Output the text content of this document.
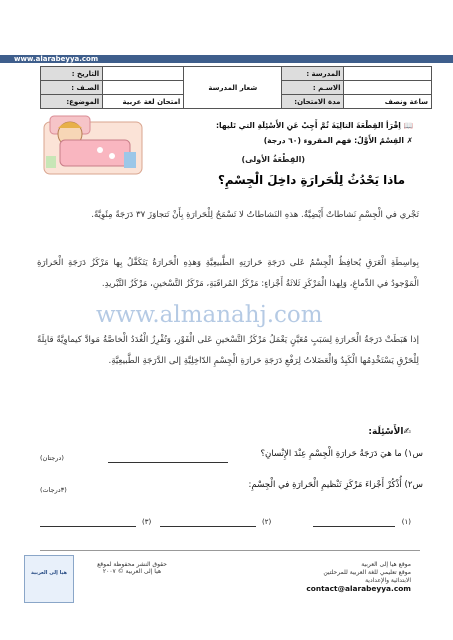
www.alarabeyya.com
التاريخ :		شعار المدرسة	المدرسة :	
الصـف :			الاسـم :	
الموضوع:	امتحان لغة عربية		مدة الامتحان:	ساعة ونصف
📖 اِقْرَأ القِطْعَةَ التالِيَةَ ثُمَّ أَجِبْ عَنِ الأَسْئِلَةِ التي تَليها:
✗ القِسْمُ الأَوَّلُ: فهم المقروء (٦٠ درجة)
(القِطْعَةُ الأولى)
ماذا يَحْدُثُ لِلْحَرارَةِ داخِلَ الْجِسْمِ؟
تَجْري في الْجِسْمِ نَشاطاتٌ أَيْضِيَّةٌ. هذهِ النَشاطاتُ لا تَسْمَحُ لِلْحَرارَةِ بِأَنْ تَتجاوَزَ ٣٧ دَرَجَةً مِئَوِيَّةً.
بِواسِطَةِ الْعَرَقِ يُحافِظُ الْجِسْمُ عَلى دَرَجَةِ حَرارَتِهِ الطَّبيعِيَّةِ وَهذِهِ الْحَرارَةُ يَتَكَفَّلُ بِها مَرْكَزُ دَرَجَةِ الْحَرارَةِ الْمَوْجودُ في الدِّماغِ، وَلِهذا الْمَرْكَزِ ثَلاثَةُ أَجْزاءٍ: مَرْكَزُ المُراقَبَةِ، مَرْكَزُ التَّسْخينِ، مَرْكَزُ التَّبْريدِ.
إذا هَبَطَتْ دَرَجَةُ الْحَرارَةِ لِسَبَبٍ مُعَيَّنٍ يَعْمَلُ مَرْكَزُ التَّسْخينِ عَلى الْفَوْرِ، وَتُفْرِزُ الْغُدَدُ الْخاصَّةُ مَوادَّ كيماوِيَّةً قابِلَةً لِلْحَرْقِ يَسْتَخْدِمُها الْكَبِدُ وَالْعَضَلاتُ لِرَفْعِ دَرَجَةِ حَرارَةِ الْجِسْمِ الدّاخِلِيَّةِ إلى الدَّرَجَةِ الطَّبيعِيَّةِ.
www.almanahj.com
✍الأَسْئِلَة:
س١) ما هيَ دَرَجَةُ حَرارَةِ الْجِسْمِ عِنْدَ الإِنْسانِ؟
(درجتان)
س٢) أُذْكُرْ أَجْزاءَ مَرْكَزِ تَنْظيمِ الْحَرارَةِ في الْجِسْمِ:
(٣درجات)
(١)
(٢)
(٣)
هيا إلى العربية
حقوق النشر محفوظة لموقع
هيا إلى العربية © ٢٠٠٧
موقع هيا إلى العربية
موقع تعليمي للغة العربية للمرحلتين
الابتدائية والإعدادية
contact@alarabeyya.com
